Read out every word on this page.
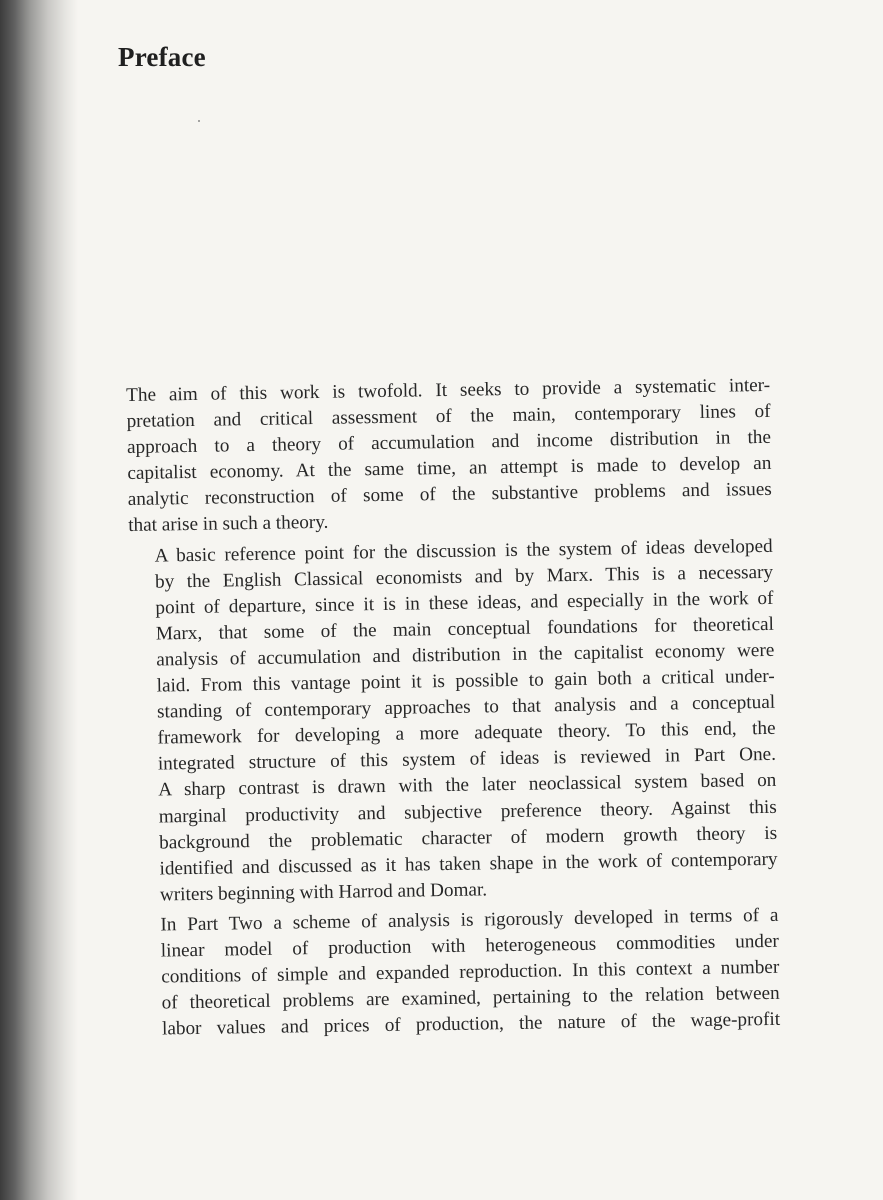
Preface

The aim of this work is twofold. It seeks to provide a systematic inter-
pretation and critical assessment of the main, contemporary lines of
approach to a theory of accumulation and income distribution in the
capitalist economy. At the same time, an attempt is made to develop an
analytic reconstruction of some of the substantive problems and issues
that arise in such a theory.

A basic reference point for the discussion is the system of ideas developed
by the English Classical economists and by Marx. This is a necessary
point of departure, since it is in these ideas, and especially in the work of
Marx, that some of the main conceptual foundations for theoretical
analysis of accumulation and distribution in the capitalist economy were
laid. From this vantage point it is possible to gain both a critical under-
standing of contemporary approaches to that analysis and a conceptual
framework for developing a more adequate theory. To this end, the
integrated structure of this system of ideas is reviewed in Part One.
A sharp contrast is drawn with the later neoclassical system based on
marginal productivity and subjective preference theory. Against this
background the problematic character of modern growth theory is
identified and discussed as it has taken shape in the work of contemporary
writers beginning with Harrod and Domar.

In Part Two a scheme of analysis is rigorously developed in terms of a
linear model of production with heterogeneous commodities under
conditions of simple and expanded reproduction. In this context a number
of theoretical problems are examined, pertaining to the relation between
labor values and prices of production, the nature of the wage-profit
